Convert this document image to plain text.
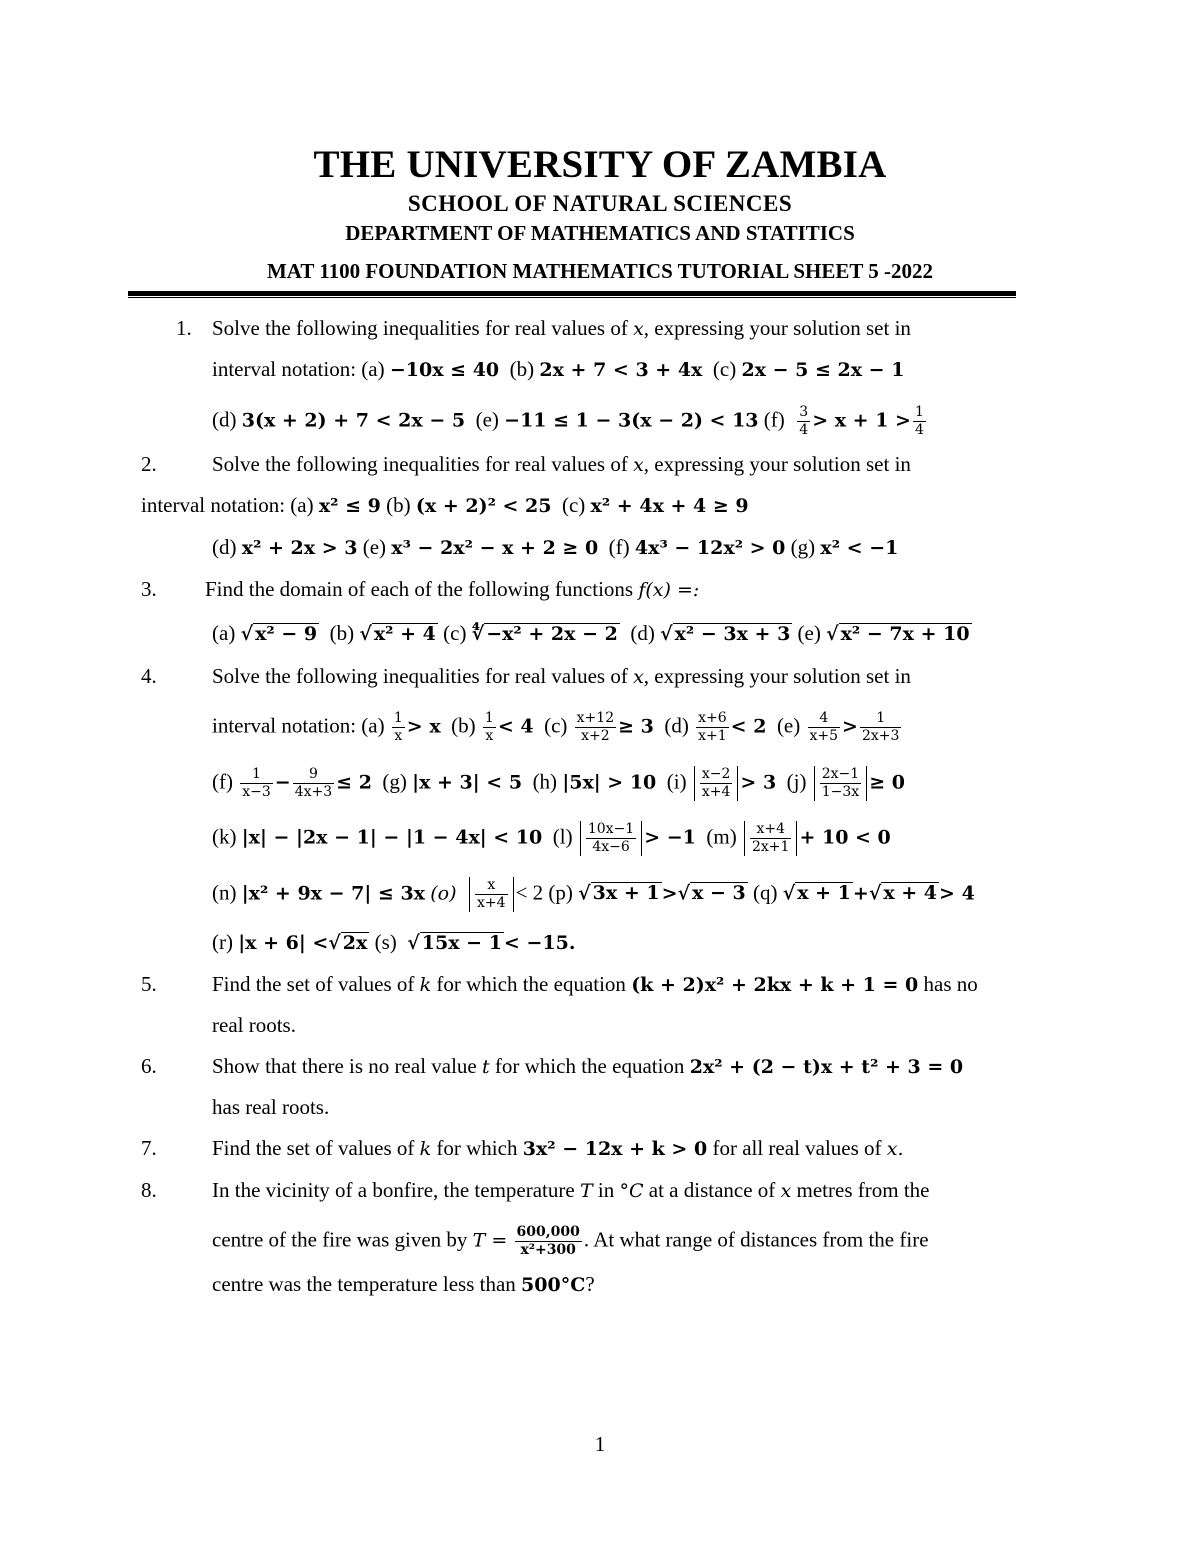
THE UNIVERSITY OF ZAMBIA
SCHOOL OF NATURAL SCIENCES
DEPARTMENT OF MATHEMATICS AND STATITICS
MAT 1100 FOUNDATION MATHEMATICS TUTORIAL SHEET 5 -2022
1. Solve the following inequalities for real values of x, expressing your solution set in
interval notation: (a) −10x ≤ 40 (b) 2x + 7 < 3 + 4x (c) 2x − 5 ≤ 2x − 1
(d) 3(x + 2) + 7 < 2x − 5 (e) −11 ≤ 1 − 3(x − 2) < 13 $(f) \frac{3}{4} > x + 1 > \frac{1}{4}$
2.	Solve the following inequalities for real values of x, expressing your solution set in
interval notation: (a) x² ≤ 9 (b) (x + 2)² < 25 (c) x² + 4x + 4 ≥ 9
(d) x² + 2x > 3 (e) x³ − 2x² − x + 2 ≥ 0 (f) 4x³ − 12x² > 0 (g) x² < −1
3. Find the domain of each of the following functions f(x) =:
(a) √ x² − 9 (b) √ x² + 4 (c) ∜ −x² + 2x − 2 (d) √ x² − 3x + 3 (e) √ x² − 7x + 10
4.	Solve the following inequalities for real values of x, expressing your solution set in
interval notation: $(a) \frac{1}{x} > x$ $(b) \frac{1}{x} < 4$ $(c) \frac{x+12}{x+2} \ge 3$ $(d) \frac{x+6}{x+1} < 2$ $(e) \frac{4}{x+5} > \frac{1}{2x+3}$
$(f) \frac{1}{x-3} - \frac{9}{4x+3} \le 2$ (g) |x + 3| < 5 (h) |5x| > 10 $(i) \frac{x-2}{x+4} > 3$ $(j) \frac{2x-1}{1-3x} \ge 0$
(k) |x| − |2x − 1| − |1 − 4x| < 10 $(l) \frac{10x-1}{4x-6} > -1$ $(m) \frac{x+4}{2x+1} + 10 < 0$
(n) |x² + 9x − 7| ≤ 3x $(o) \frac{x}{x+4} < 2$ (p) √ 3x + 1 >√ x − 3 (q) √ x + 1 +√ x + 4 > 4
(r) |x + 6| <√ 2x (s) √ 15x − 1 < −15.
5.	Find the set of values of k for which the equation (k + 2)x² + 2kx + k + 1 = 0 has no
real roots.
6.	Show that there is no real value t for which the equation 2x² + (2 − t)x + t² + 3 = 0
has real roots.
7.	Find the set of values of k for which 3x² − 12x + k > 0 for all real values of x.
8.	In the vicinity of a bonfire, the temperature T in °C at a distance of x metres from the
centre of the fire was given by $T = \frac{600,000}{\text{x²+300}}$ . At what range of distances from the fire
centre was the temperature less than 500°C?
1
